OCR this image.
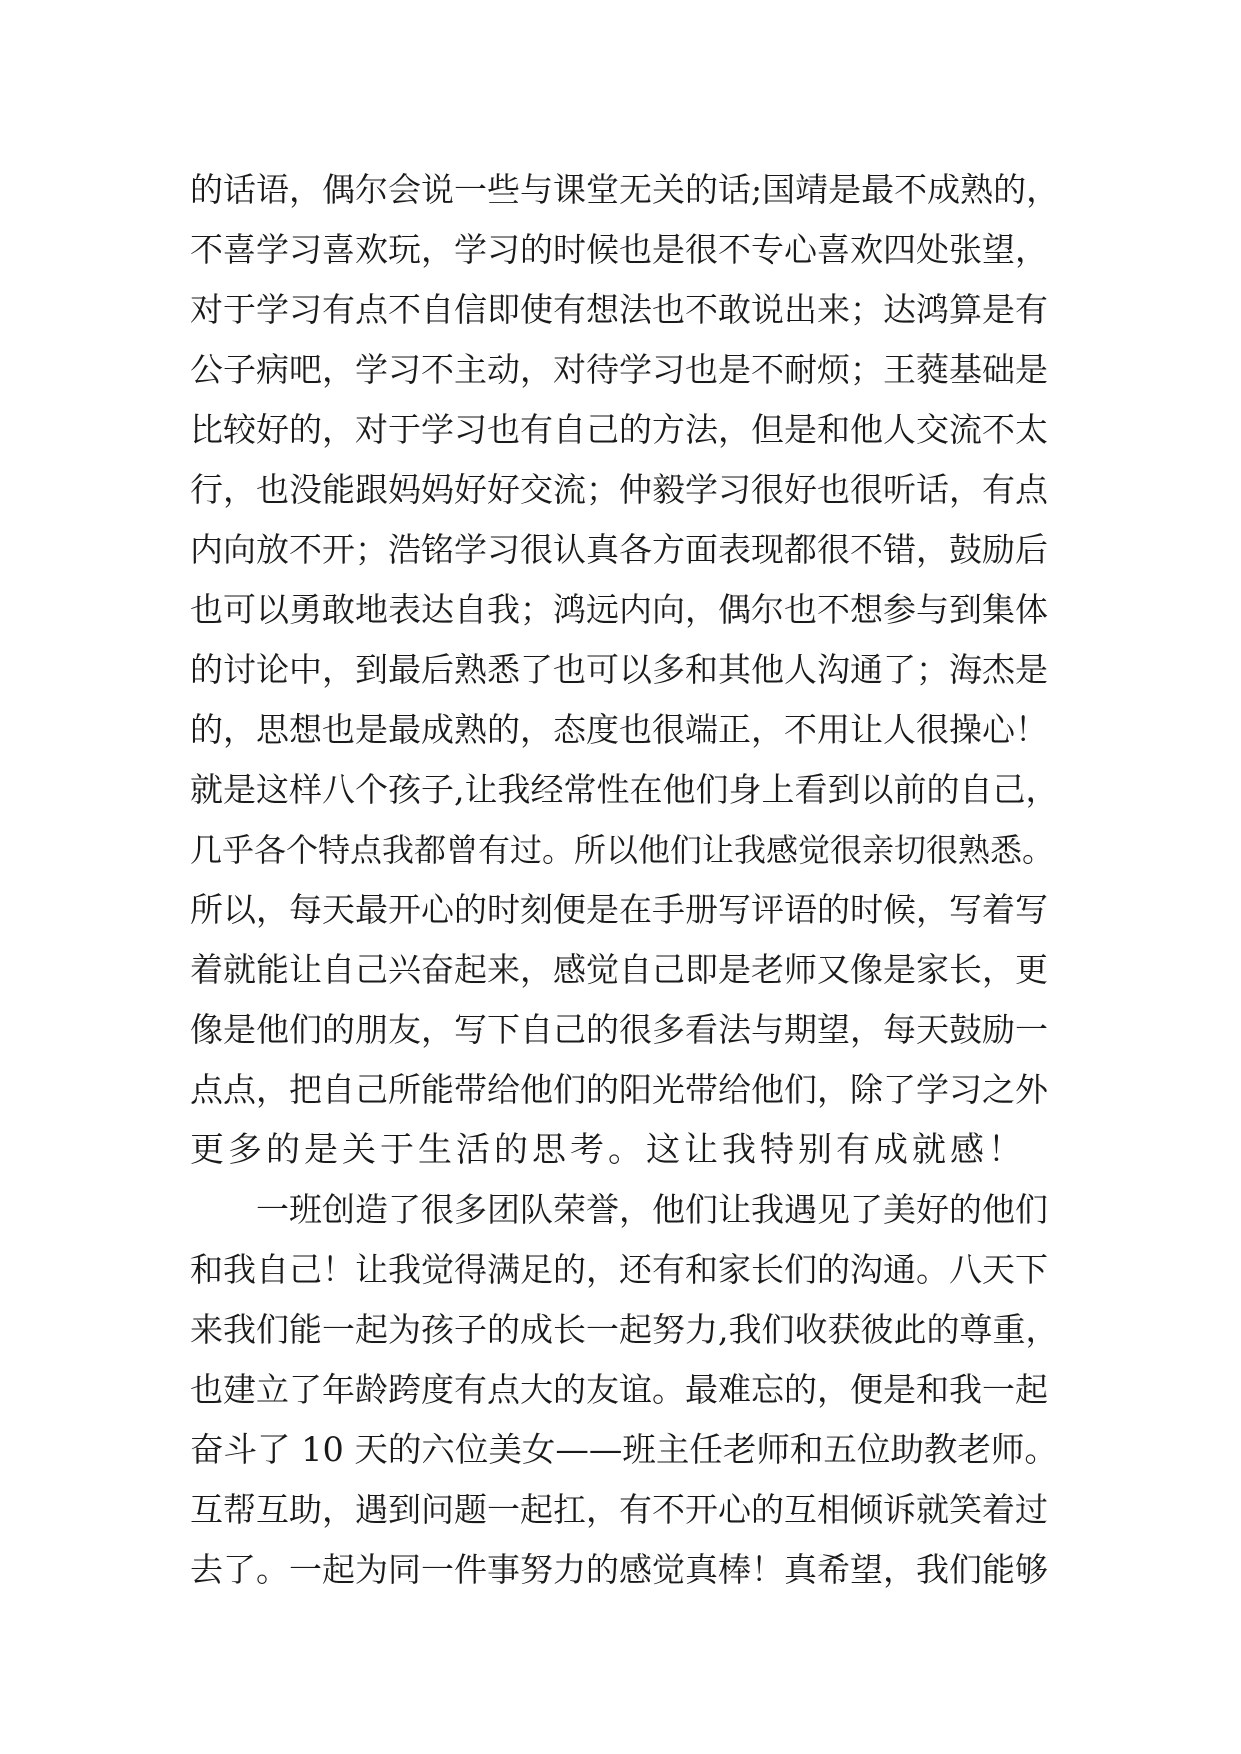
的话语，偶尔会说一些与课堂无关的话;国靖是最不成熟的，
不喜学习喜欢玩，学习的时候也是很不专心喜欢四处张望，
对于学习有点不自信即使有想法也不敢说出来；达鸿算是有
公子病吧，学习不主动，对待学习也是不耐烦；王蕤基础是
比较好的，对于学习也有自己的方法，但是和他人交流不太
行，也没能跟妈妈好好交流；仲毅学习很好也很听话，有点
内向放不开；浩铭学习很认真各方面表现都很不错，鼓励后
也可以勇敢地表达自我；鸿远内向，偶尔也不想参与到集体
的讨论中，到最后熟悉了也可以多和其他人沟通了；海杰是
的，思想也是最成熟的，态度也很端正，不用让人很操心！
就是这样八个孩子,让我经常性在他们身上看到以前的自己，
几乎各个特点我都曾有过。所以他们让我感觉很亲切很熟悉。
所以，每天最开心的时刻便是在手册写评语的时候，写着写
着就能让自己兴奋起来，感觉自己即是老师又像是家长，更
像是他们的朋友，写下自己的很多看法与期望，每天鼓励一
点点，把自己所能带给他们的阳光带给他们，除了学习之外
更多的是关于生活的思考。这让我特别有成就感！
　　一班创造了很多团队荣誉，他们让我遇见了美好的他们
和我自己！让我觉得满足的，还有和家长们的沟通。八天下
来我们能一起为孩子的成长一起努力,我们收获彼此的尊重，
也建立了年龄跨度有点大的友谊。最难忘的，便是和我一起
奋斗了 10 天的六位美女——班主任老师和五位助教老师。
互帮互助，遇到问题一起扛，有不开心的互相倾诉就笑着过
去了。一起为同一件事努力的感觉真棒！真希望，我们能够
